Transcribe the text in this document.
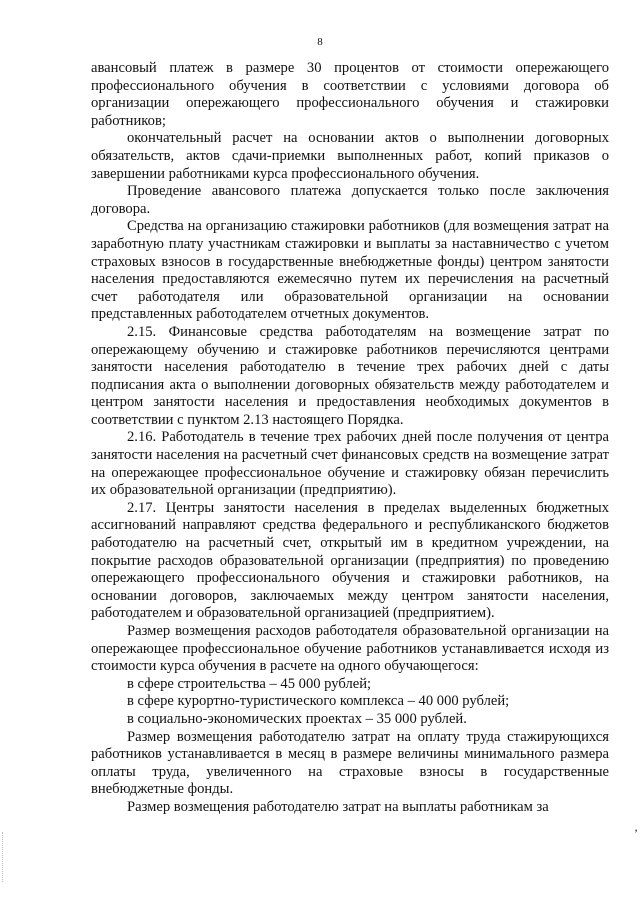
8

авансовый платеж в размере 30 процентов от стоимости опережающего профессионального обучения в соответствии с условиями договора об организации опережающего профессионального обучения и стажировки работников;

окончательный расчет на основании актов о выполнении договорных обязательств, актов сдачи-приемки выполненных работ, копий приказов о завершении работниками курса профессионального обучения.

Проведение авансового платежа допускается только после заключения договора.

Средства на организацию стажировки работников (для возмещения затрат на заработную плату участникам стажировки и выплаты за наставничество с учетом страховых взносов в государственные внебюджетные фонды) центром занятости населения предоставляются ежемесячно путем их перечисления на расчетный счет работодателя или образовательной организации на основании представленных работодателем отчетных документов.

2.15. Финансовые средства работодателям на возмещение затрат по опережающему обучению и стажировке работников перечисляются центрами занятости населения работодателю в течение трех рабочих дней с даты подписания акта о выполнении договорных обязательств между работодателем и центром занятости населения и предоставления необходимых документов в соответствии с пунктом 2.13 настоящего Порядка.

2.16. Работодатель в течение трех рабочих дней после получения от центра занятости населения на расчетный счет финансовых средств на возмещение затрат на опережающее профессиональное обучение и стажировку обязан перечислить их образовательной организации (предприятию).

2.17. Центры занятости населения в пределах выделенных бюджетных ассигнований направляют средства федерального и республиканского бюджетов работодателю на расчетный счет, открытый им в кредитном учреждении, на покрытие расходов образовательной организации (предприятия) по проведению опережающего профессионального обучения и стажировки работников, на основании договоров, заключаемых между центром занятости населения, работодателем и образовательной организацией (предприятием).

Размер возмещения расходов работодателя образовательной организации на опережающее профессиональное обучение работников устанавливается исходя из стоимости курса обучения в расчете на одного обучающегося:

в сфере строительства – 45 000 рублей;

в сфере курортно-туристического комплекса – 40 000 рублей;

в социально-экономических проектах – 35 000 рублей.

Размер возмещения работодателю затрат на оплату труда стажирующихся работников устанавливается в месяц в размере величины минимального размера оплаты труда, увеличенного на страховые взносы в государственные внебюджетные фонды.

Размер возмещения работодателю затрат на выплаты работникам за

’
